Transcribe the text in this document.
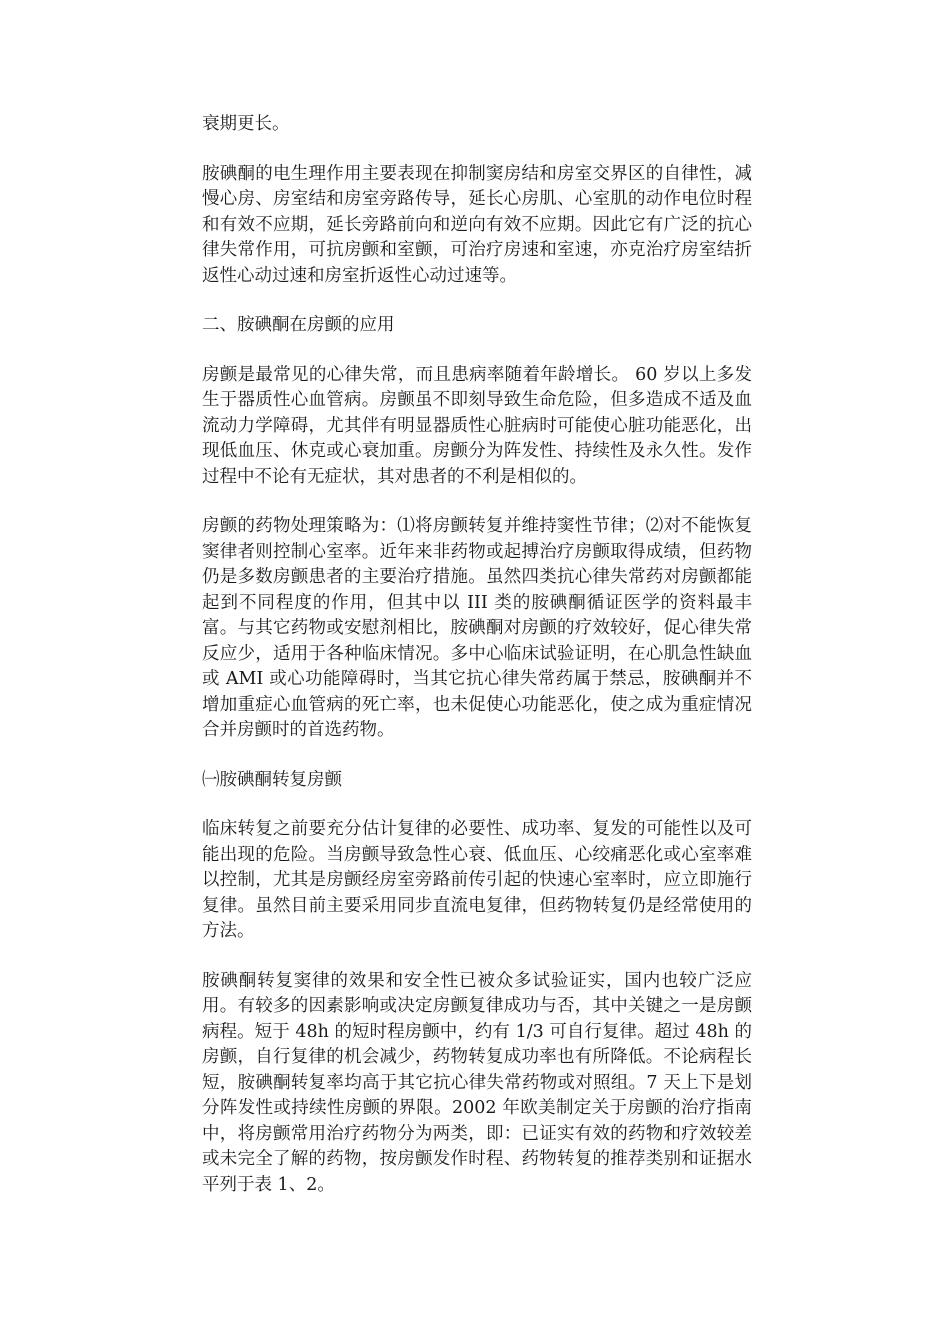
衰期更长。

胺碘酮的电生理作用主要表现在抑制窦房结和房室交界区的自律性，减慢心房、房室结和房室旁路传导，延长心房肌、心室肌的动作电位时程和有效不应期，延长旁路前向和逆向有效不应期。因此它有广泛的抗心律失常作用，可抗房颤和室颤，可治疗房速和室速，亦克治疗房室结折返性心动过速和房室折返性心动过速等。

二、胺碘酮在房颤的应用

房颤是最常见的心律失常，而且患病率随着年龄增长。 60 岁以上多发生于器质性心血管病。房颤虽不即刻导致生命危险，但多造成不适及血流动力学障碍，尤其伴有明显器质性心脏病时可能使心脏功能恶化，出现低血压、休克或心衰加重。房颤分为阵发性、持续性及永久性。发作过程中不论有无症状，其对患者的不利是相似的。

房颤的药物处理策略为：⑴将房颤转复并维持窦性节律；⑵对不能恢复窦律者则控制心室率。近年来非药物或起搏治疗房颤取得成绩，但药物仍是多数房颤患者的主要治疗措施。虽然四类抗心律失常药对房颤都能起到不同程度的作用，但其中以 III 类的胺碘酮循证医学的资料最丰富。与其它药物或安慰剂相比，胺碘酮对房颤的疗效较好，促心律失常反应少，适用于各种临床情况。多中心临床试验证明，在心肌急性缺血或 AMI 或心功能障碍时，当其它抗心律失常药属于禁忌，胺碘酮并不增加重症心血管病的死亡率，也未促使心功能恶化，使之成为重症情况合并房颤时的首选药物。

㈠胺碘酮转复房颤

临床转复之前要充分估计复律的必要性、成功率、复发的可能性以及可能出现的危险。当房颤导致急性心衰、低血压、心绞痛恶化或心室率难以控制，尤其是房颤经房室旁路前传引起的快速心室率时，应立即施行复律。虽然目前主要采用同步直流电复律，但药物转复仍是经常使用的方法。

胺碘酮转复窦律的效果和安全性已被众多试验证实，国内也较广泛应用。有较多的因素影响或决定房颤复律成功与否，其中关键之一是房颤病程。短于 48h 的短时程房颤中，约有 1/3 可自行复律。超过 48h 的房颤，自行复律的机会减少，药物转复成功率也有所降低。不论病程长短，胺碘酮转复率均高于其它抗心律失常药物或对照组。7 天上下是划分阵发性或持续性房颤的界限。2002 年欧美制定关于房颤的治疗指南中，将房颤常用治疗药物分为两类，即：已证实有效的药物和疗效较差或未完全了解的药物，按房颤发作时程、药物转复的推荐类别和证据水平列于表 1、2。
